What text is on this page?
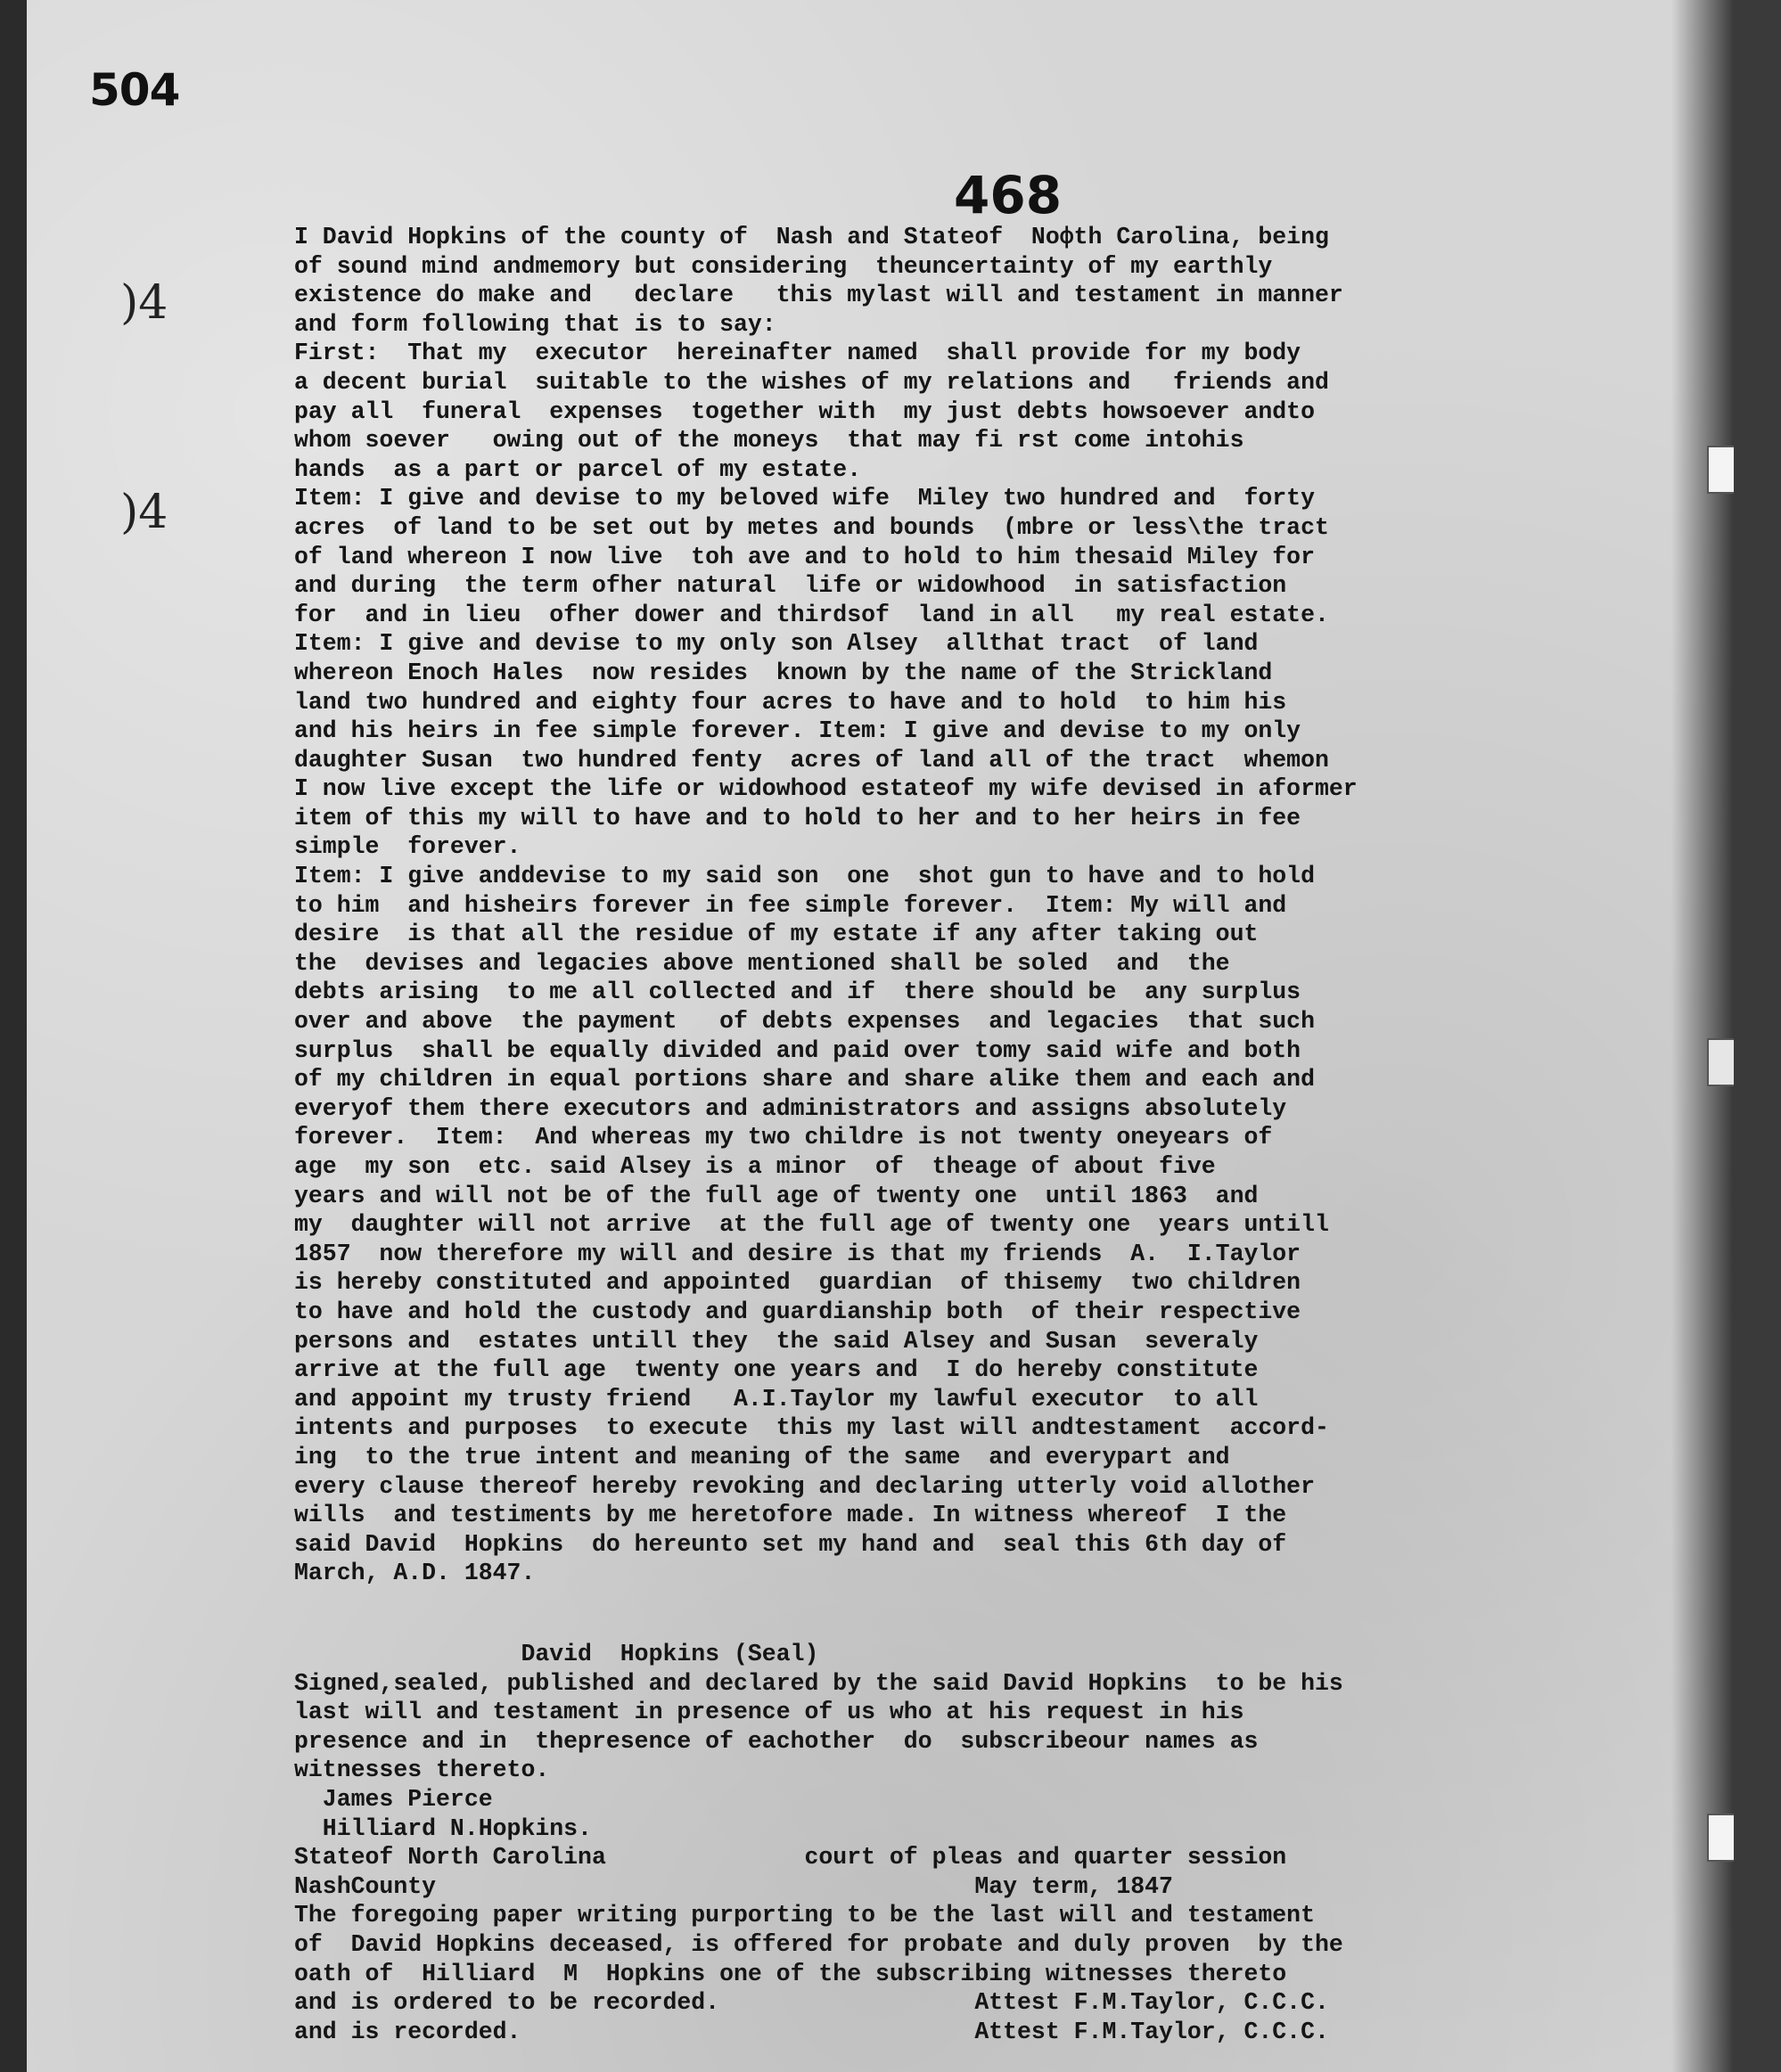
504
468
)4
)4
I David Hopkins of the county of  Nash and Stateof  Noфth Carolina, being
of sound mind andmemory but considering  theuncertainty of my earthly
existence do make and   declare   this mylast will and testament in manner
and form following that is to say:
First:  That my  executor  hereinafter named  shall provide for my body
a decent burial  suitable to the wishes of my relations and   friends and
pay all  funeral  expenses  together with  my just debts howsoever andto
whom soever   owing out of the moneys  that may fi rst come intohis
hands  as a part or parcel of my estate.
Item: I give and devise to my beloved wife  Miley two hundred and  forty
acres  of land to be set out by metes and bounds  (mbre or less\the tract
of land whereon I now live  toh ave and to hold to him thesaid Miley for
and during  the term ofher natural  life or widowhood  in satisfaction
for  and in lieu  ofher dower and thirdsof  land in all   my real estate.
Item: I give and devise to my only son Alsey  allthat tract  of land
whereon Enoch Hales  now resides  known by the name of the Strickland
land two hundred and eighty four acres to have and to hold  to him his
and his heirs in fee simple forever. Item: I give and devise to my only
daughter Susan  two hundred fenty  acres of land all of the tract  whemon
I now live except the life or widowhood estateof my wife devised in aformer
item of this my will to have and to hold to her and to her heirs in fee
simple  forever.
Item: I give anddevise to my said son  one  shot gun to have and to hold
to him  and hisheirs forever in fee simple forever.  Item: My will and
desire  is that all the residue of my estate if any after taking out
the  devises and legacies above mentioned shall be soled  and  the
debts arising  to me all collected and if  there should be  any surplus
over and above  the payment   of debts expenses  and legacies  that such
surplus  shall be equally divided and paid over tomy said wife and both
of my children in equal portions share and share alike them and each and
everyof them there executors and administrators and assigns absolutely
forever.  Item:  And whereas my two childre is not twenty oneyears of
age  my son  etc. said Alsey is a minor  of  theage of about five
years and will not be of the full age of twenty one  until 1863  and
my  daughter will not arrive  at the full age of twenty one  years untill
1857  now therefore my will and desire is that my friends  A.  I.Taylor
is hereby constituted and appointed  guardian  of thisemy  two children
to have and hold the custody and guardianship both  of their respective
persons and  estates untill they  the said Alsey and Susan  severaly
arrive at the full age  twenty one years and  I do hereby constitute
and appoint my trusty friend   A.I.Taylor my lawful executor  to all
intents and purposes  to execute  this my last will andtestament  accord-
ing  to the true intent and meaning of the same  and everypart and
every clause thereof hereby revoking and declaring utterly void allother
wills  and testiments by me heretofore made. In witness whereof  I the
said David  Hopkins  do hereunto set my hand and  seal this 6th day of
March, A.D. 1847.
David  Hopkins (Seal)
Signed,sealed, published and declared by the said David Hopkins  to be his
last will and testament in presence of us who at his request in his
presence and in  thepresence of eachother  do  subscribeour names as
witnesses thereto.
James Pierce
Hilliard N.Hopkins.
Stateof North Carolina              court of pleas and quarter session
NashCounty                                      May term, 1847
The foregoing paper writing purporting to be the last will and testament
of  David Hopkins deceased, is offered for probate and duly proven  by the
oath of  Hilliard  M  Hopkins one of the subscribing witnesses thereto
and is ordered to be recorded.                  Attest F.M.Taylor, C.C.C.
and is recorded.                                Attest F.M.Taylor, C.C.C.
